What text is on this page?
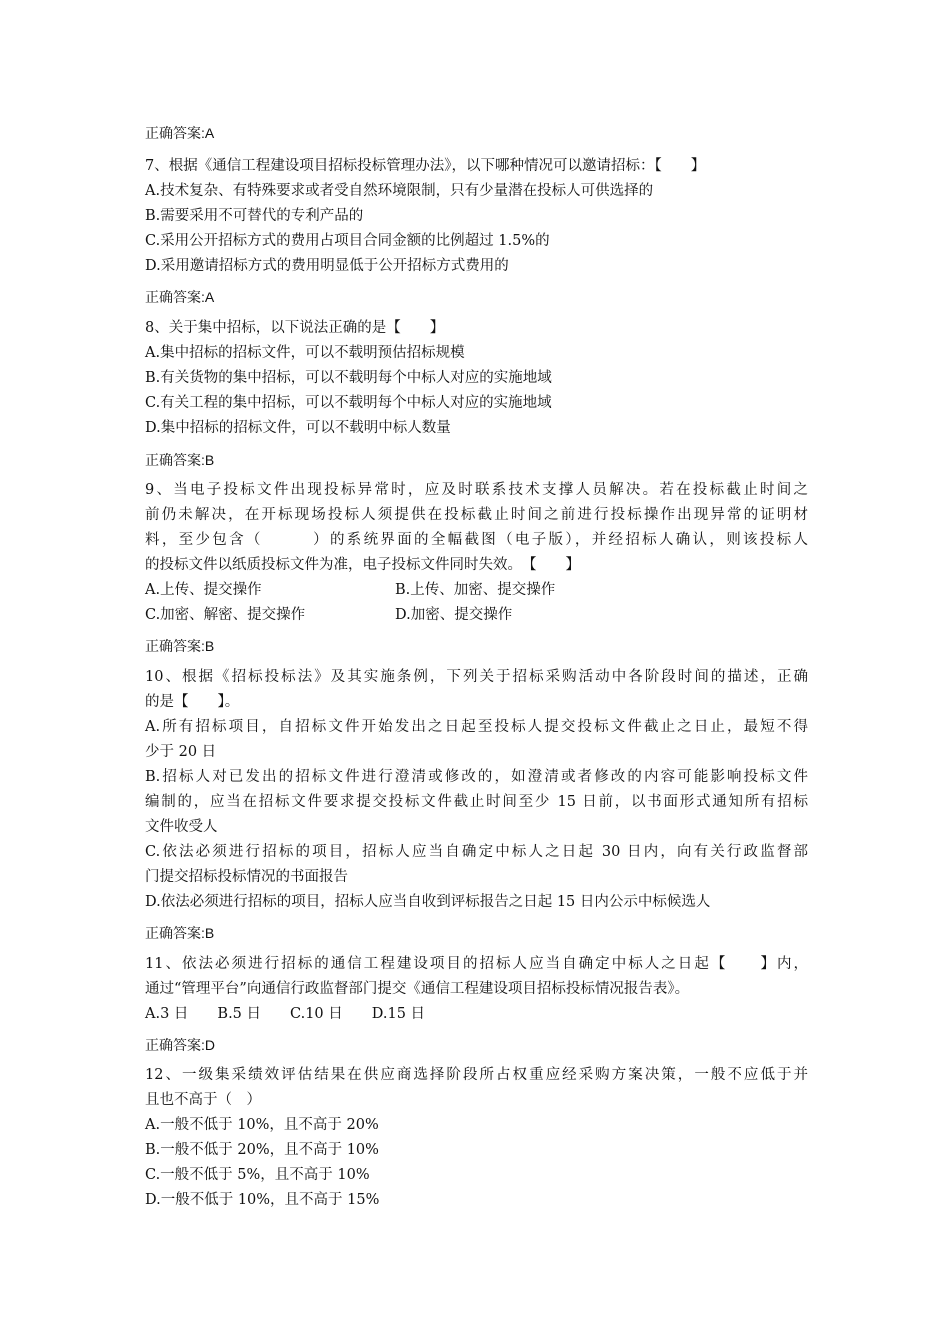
正确答案:A
7、根据《通信工程建设项目招标投标管理办法》，以下哪种情况可以邀请招标：【　　】
A.技术复杂、有特殊要求或者受自然环境限制，只有少量潜在投标人可供选择的
B.需要采用不可替代的专利产品的
C.采用公开招标方式的费用占项目合同金额的比例超过 1.5%的
D.采用邀请招标方式的费用明显低于公开招标方式费用的
正确答案:A
8、关于集中招标，以下说法正确的是【　　】
A.集中招标的招标文件，可以不载明预估招标规模
B.有关货物的集中招标，可以不载明每个中标人对应的实施地域
C.有关工程的集中招标，可以不载明每个中标人对应的实施地域
D.集中招标的招标文件，可以不载明中标人数量
正确答案:B
9、当电子投标文件出现投标异常时，应及时联系技术支撑人员解决。若在投标截止时间之
前仍未解决，在开标现场投标人须提供在投标截止时间之前进行投标操作出现异常的证明材
料，至少包含（　　　）的系统界面的全幅截图（电子版），并经招标人确认，则该投标人
的投标文件以纸质投标文件为准，电子投标文件同时失效。　【　　】
A.上传、提交操作	B.上传、加密、提交操作
C.加密、解密、提交操作	D.加密、提交操作
正确答案:B
10、根据《招标投标法》及其实施条例，下列关于招标采购活动中各阶段时间的描述，正确
的是【　　】。
A.所有招标项目，自招标文件开始发出之日起至投标人提交投标文件截止之日止，最短不得
少于 20 日
B.招标人对已发出的招标文件进行澄清或修改的，如澄清或者修改的内容可能影响投标文件
编制的，应当在招标文件要求提交投标文件截止时间至少 15 日前，以书面形式通知所有招标
文件收受人
C.依法必须进行招标的项目，招标人应当自确定中标人之日起 30 日内，向有关行政监督部
门提交招标投标情况的书面报告
D.依法必须进行招标的项目，招标人应当自收到评标报告之日起 15 日内公示中标候选人
正确答案:B
11、依法必须进行招标的通信工程建设项目的招标人应当自确定中标人之日起【　　】内，
通过“管理平台”向通信行政监督部门提交《通信工程建设项目招标投标情况报告表》。
A.3 日　　B.5 日　　C.10 日　　D.15 日
正确答案:D
12、一级集采绩效评估结果在供应商选择阶段所占权重应经采购方案决策，一般不应低于并
且也不高于（　）
A.一般不低于 10%，且不高于 20%
B.一般不低于 20%，且不高于 10%
C.一般不低于 5%，且不高于 10%
D.一般不低于 10%，且不高于 15%
